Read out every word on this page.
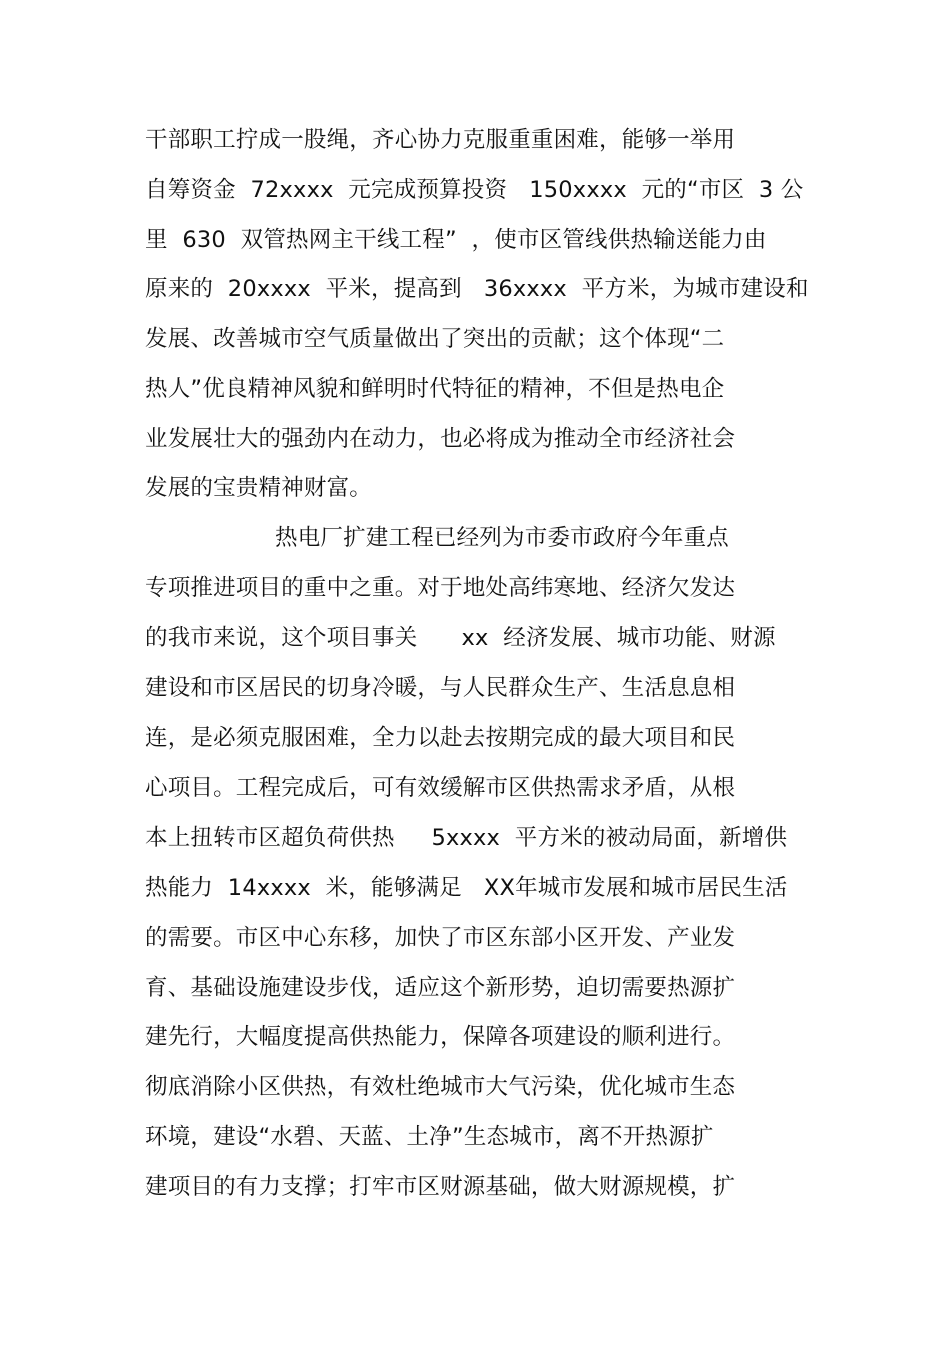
干部职工拧成一股绳，齐心协力克服重重困难，能够一举用
自筹资金  72xxxx  元完成预算投资   150xxxx  元的“市区  3 公
里  630  双管热网主干线工程”  ，使市区管线供热输送能力由
原来的  20xxxx  平米，提高到   36xxxx  平方米，为城市建设和
发展、改善城市空气质量做出了突出的贡献；这个体现“二
热人”优良精神风貌和鲜明时代特征的精神，不但是热电企
业发展壮大的强劲内在动力，也必将成为推动全市经济社会
发展的宝贵精神财富。
热电厂扩建工程已经列为市委市政府今年重点
专项推进项目的重中之重。对于地处高纬寒地、经济欠发达
的我市来说，这个项目事关      xx  经济发展、城市功能、财源
建设和市区居民的切身冷暖，与人民群众生产、生活息息相
连，是必须克服困难，全力以赴去按期完成的最大项目和民
心项目。工程完成后，可有效缓解市区供热需求矛盾，从根
本上扭转市区超负荷供热     5xxxx  平方米的被动局面，新增供
热能力  14xxxx  米，能够满足   XX年城市发展和城市居民生活
的需要。市区中心东移，加快了市区东部小区开发、产业发
育、基础设施建设步伐，适应这个新形势，迫切需要热源扩
建先行，大幅度提高供热能力，保障各项建设的顺利进行。
彻底消除小区供热，有效杜绝城市大气污染，优化城市生态
环境，建设“水碧、天蓝、土净”生态城市，离不开热源扩
建项目的有力支撑；打牢市区财源基础，做大财源规模，扩
